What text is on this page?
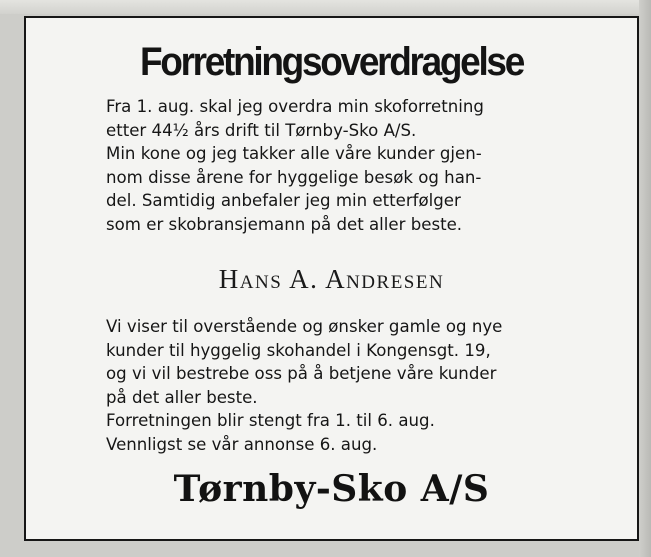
Forretningsoverdragelse
Fra 1. aug. skal jeg overdra min skoforretning
etter 44½ års drift til Tørnby-Sko A/S.
Min kone og jeg takker alle våre kunder gjen-
nom disse årene for hyggelige besøk og han-
del. Samtidig anbefaler jeg min etterfølger
som er skobransjemann på det aller beste.
Hans A. Andresen
Vi viser til overstående og ønsker gamle og nye
kunder til hyggelig skohandel i Kongensgt. 19,
og vi vil bestrebe oss på å betjene våre kunder
på det aller beste.
Forretningen blir stengt fra 1. til 6. aug.
Vennligst se vår annonse 6. aug.
Tørnby-Sko A/S
